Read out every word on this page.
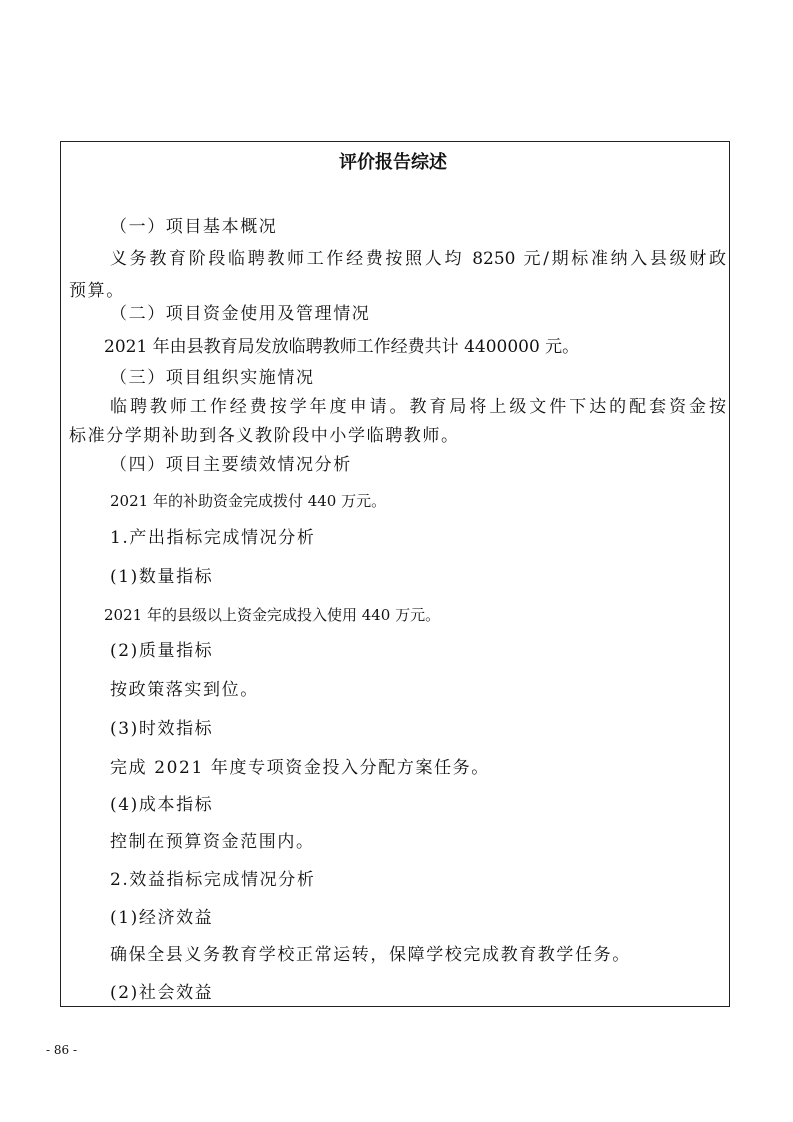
评价报告综述
（一）项目基本概况
义务教育阶段临聘教师工作经费按照人均 8250 元/期标准纳入县级财政
预算。
（二）项目资金使用及管理情况
2021 年由县教育局发放临聘教师工作经费共计 4400000 元。
（三）项目组织实施情况
临聘教师工作经费按学年度申请。教育局将上级文件下达的配套资金按
标准分学期补助到各义教阶段中小学临聘教师。
（四）项目主要绩效情况分析
2021 年的补助资金完成拨付 440 万元。
1.产出指标完成情况分析
(1)数量指标
2021 年的县级以上资金完成投入使用 440 万元。
(2)质量指标
按政策落实到位。
(3)时效指标
完成 2021 年度专项资金投入分配方案任务。
(4)成本指标
控制在预算资金范围内。
2.效益指标完成情况分析
(1)经济效益
确保全县义务教育学校正常运转，保障学校完成教育教学任务。
(2)社会效益
- 86 -
